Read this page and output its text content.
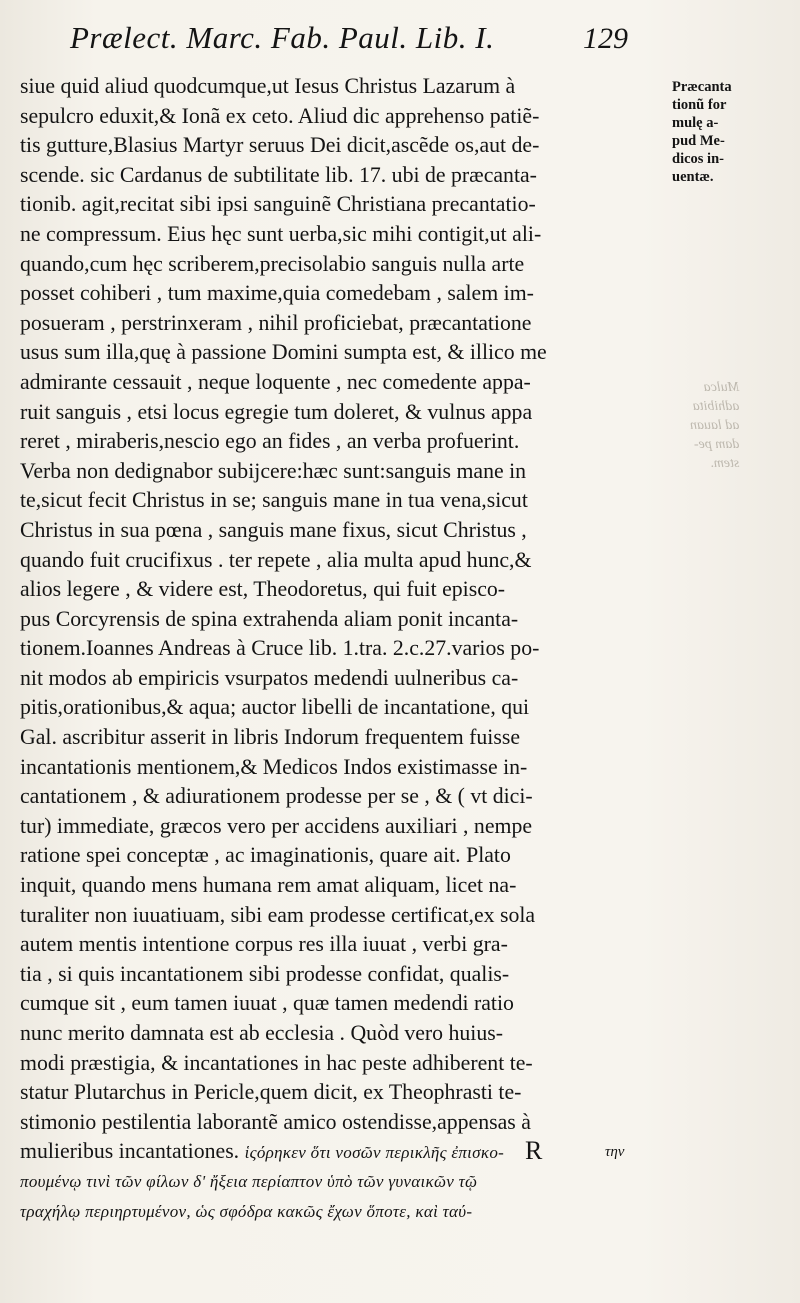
Prælect. Marc. Fab. Paul. Lib. I.	129
Præcanta
tionũ for
mulę a-
pud Me-
dicos in-
uentæ.
Mulca
adhibita
ad lauan
dam pe-
stem.
siue quid aliud quodcumque,ut Iesus Christus Lazarum à
sepulcro eduxit,& Ionã ex ceto. Aliud dic apprehenso patiẽ-
tis gutture,Blasius Martyr seruus Dei dicit,ascẽde os,aut de-
scende. sic Cardanus de subtilitate lib. 17. ubi de præcanta-
tionib. agit,recitat sibi ipsi sanguinẽ Christiana precantatio-
ne compressum. Eius hęc sunt uerba,sic mihi contigit,ut ali-
quando,cum hęc scriberem,precisolabio sanguis nulla arte
posset cohiberi , tum maxime,quia comedebam , salem im-
posueram , perstrinxeram , nihil proficiebat, præcantatione
usus sum illa,quę à passione Domini sumpta est, & illico me
admirante cessauit , neque loquente , nec comedente appa-
ruit sanguis , etsi locus egregie tum doleret, & vulnus appa
reret , miraberis,nescio ego an fides , an verba profuerint.
Verba non dedignabor subijcere:hæc sunt:sanguis mane in
te,sicut fecit Christus in se; sanguis mane in tua vena,sicut
Christus in sua pœna , sanguis mane fixus, sicut Christus ,
quando fuit crucifixus . ter repete , alia multa apud hunc,&
alios legere , & videre est, Theodoretus, qui fuit episco-
pus Corcyrensis de spina extrahenda aliam ponit incanta-
tionem.Ioannes Andreas à Cruce lib. 1.tra. 2.c.27.varios po-
nit modos ab empiricis vsurpatos medendi uulneribus ca-
pitis,orationibus,& aqua; auctor libelli de incantatione, qui
Gal. ascribitur asserit in libris Indorum frequentem fuisse
incantationis mentionem,& Medicos Indos existimasse in-
cantationem , & adiurationem prodesse per se , & ( vt dici-
tur) immediate, græcos vero per accidens auxiliari , nempe
ratione spei conceptæ , ac imaginationis, quare ait. Plato
inquit, quando mens humana rem amat aliquam, licet na-
turaliter non iuuatiuam, sibi eam prodesse certificat,ex sola
autem mentis intentione corpus res illa iuuat , verbi gra-
tia , si quis incantationem sibi prodesse confidat, qualis-
cumque sit , eum tamen iuuat , quæ tamen medendi ratio
nunc merito damnata est ab ecclesia . Quòd vero huius-
modi præstigia, & incantationes in hac peste adhiberent te-
statur Plutarchus in Pericle,quem dicit, ex Theophrasti te-
stimonio pestilentia laborantẽ amico ostendisse,appensas à
mulieribus incantationes. ἱςόρηκεν ὅτι νοσῶν περικλῆς ἐπισκο-
πουμένῳ τινὶ τῶν φίλων δ' ἤξεια περίαπτον ὑπὸ τῶν γυναικῶν τῷ
τραχήλῳ περιηρτυμένον, ὡς σφόδρα κακῶς ἔχων ὅποτε, καὶ ταύ-
R	την
